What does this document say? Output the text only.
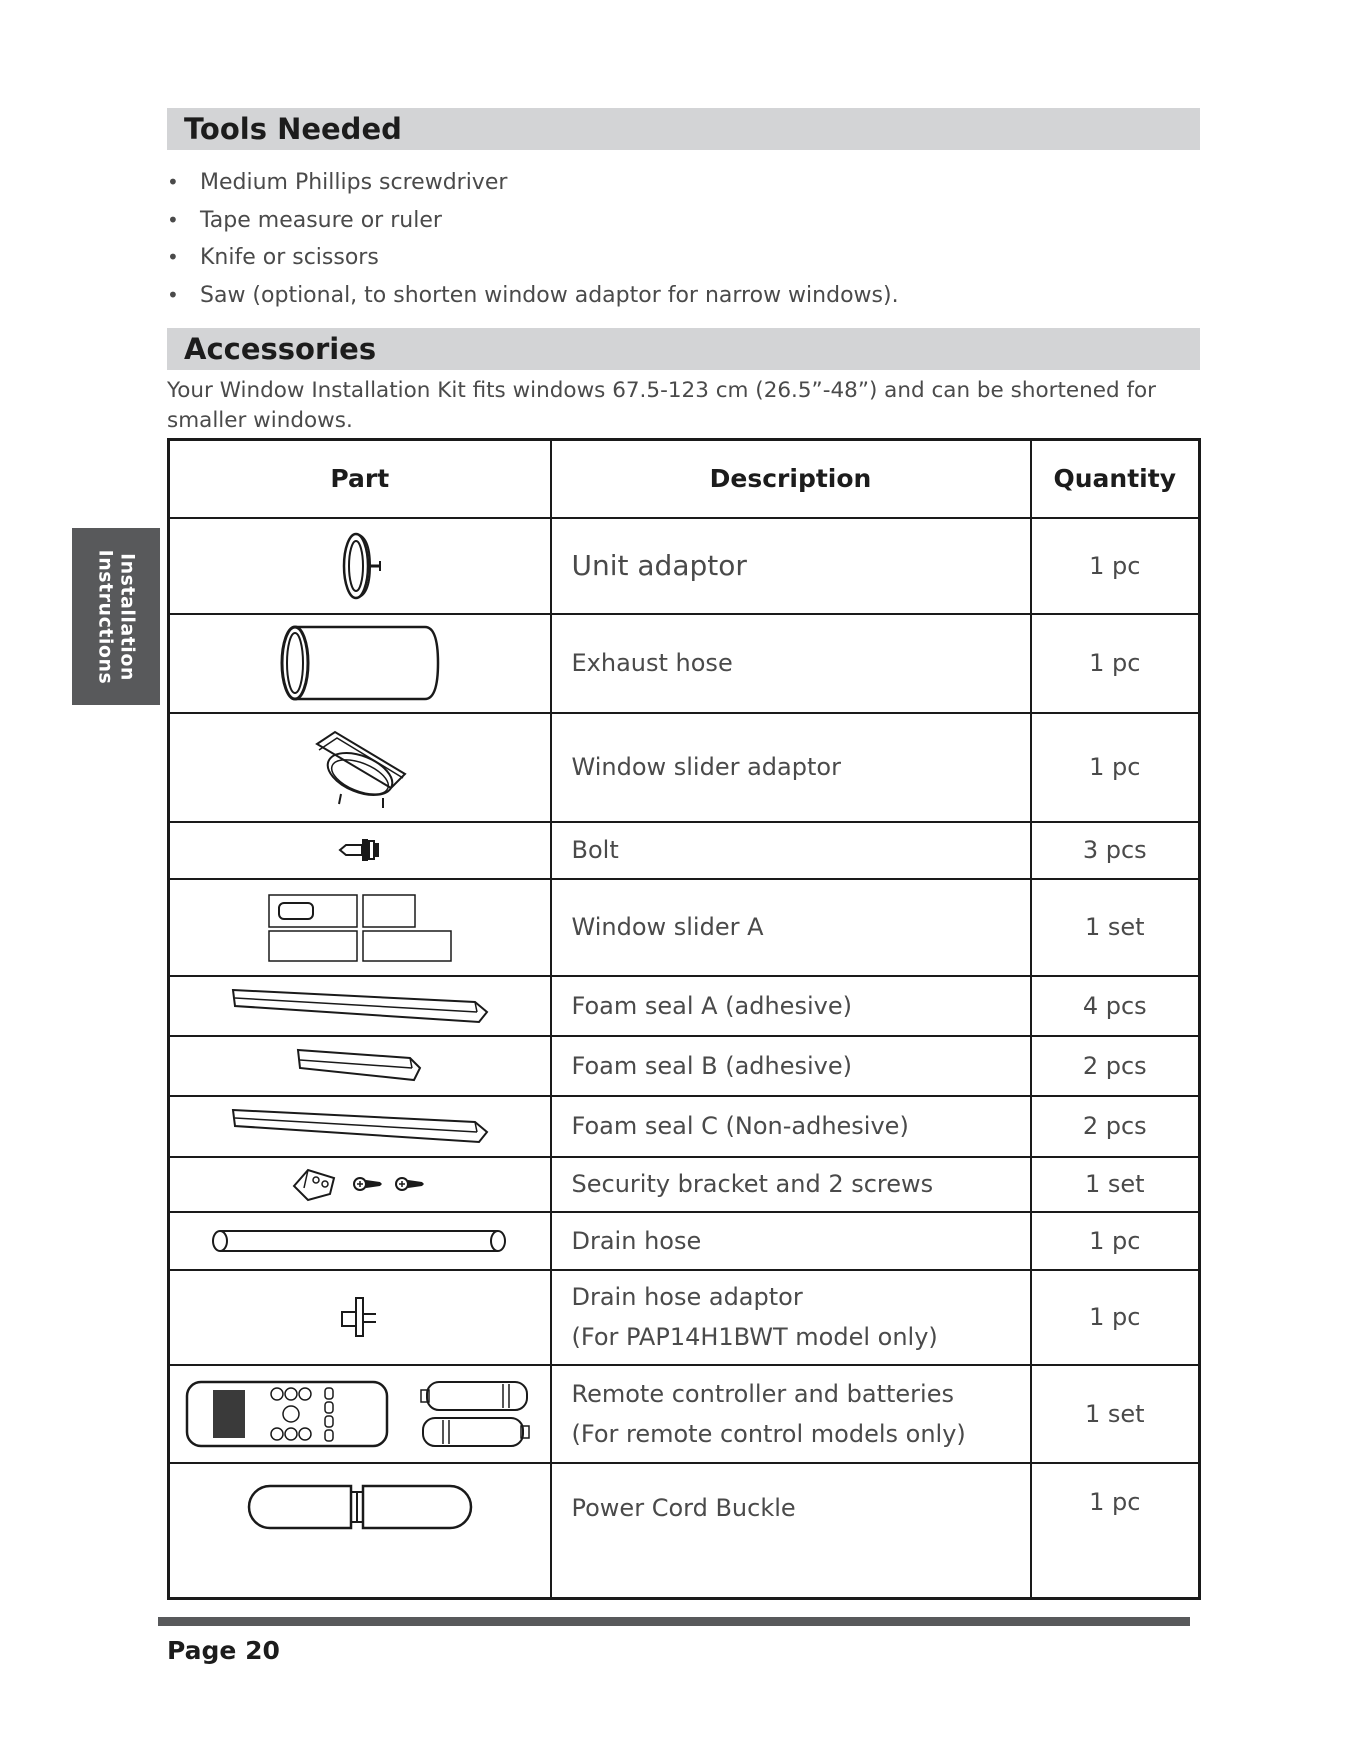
Tools Needed
• Medium Phillips screwdriver
• Tape measure or ruler
• Knife or scissors
• Saw (optional, to shorten window adaptor for narrow windows).
Accessories
Your Window Installation Kit fits windows 67.5-123 cm (26.5”-48”) and can be shortened for smaller windows.
Installation
Instructions
Part	Description	Quantity

	Unit adaptor	1 pc

	Exhaust hose	1 pc

	Window slider adaptor	1 pc

	Bolt	3 pcs

	Window slider A	1 set

	Foam seal A (adhesive)	4 pcs

	Foam seal B (adhesive)	2 pcs

	Foam seal C (Non-adhesive)	2 pcs

	Security bracket and 2 screws	1 set

	Drain hose	1 pc

Drain hose adaptor
(For PAP14H1BWT model only)	1 pc

Remote controller and batteries
(For remote control models only)	1 set

	Power Cord Buckle	1 pc
Page 20
